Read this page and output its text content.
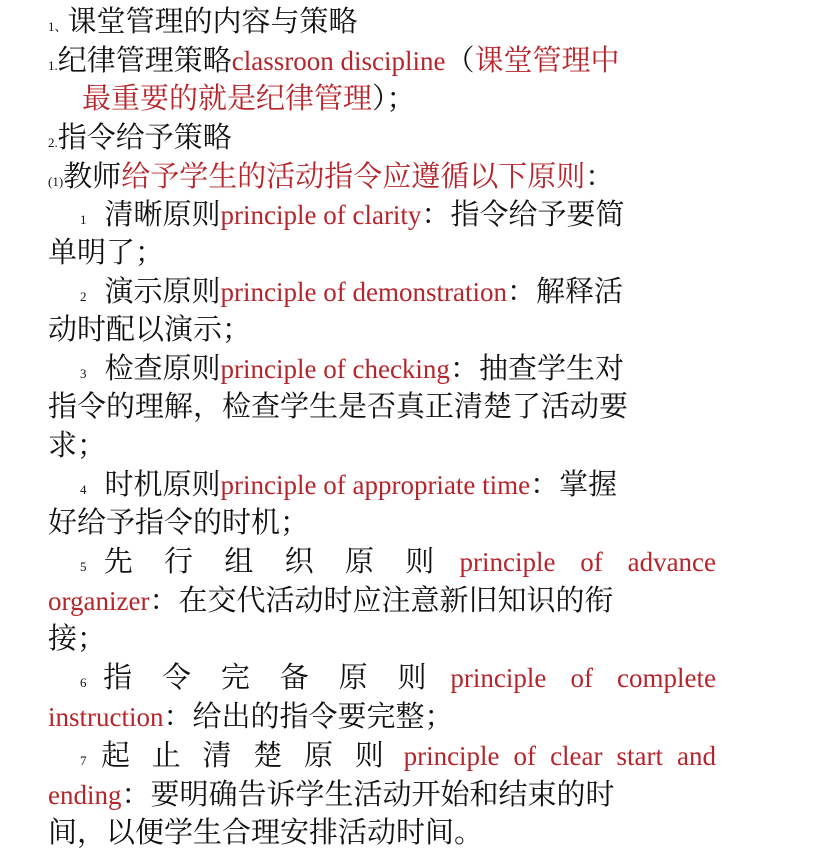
1、课堂管理的内容与策略
1.纪律管理策略classroon discipline（课堂管理中
最重要的就是纪律管理）；
2.指令给予策略
(1)教师给予学生的活动指令应遵循以下原则：
1 清晰原则principle of clarity：指令给予要简
单明了；
2 演示原则principle of demonstration：解释活
动时配以演示；
3 检查原则principle of checking：抽查学生对
指令的理解，检查学生是否真正清楚了活动要
求；
4 时机原则principle of appropriate time：掌握
好给予指令的时机；
5 先 行 组 织 原 则 principle of advance
organizer：在交代活动时应注意新旧知识的衔
接；
6 指 令 完 备 原 则 principle of complete
instruction：给出的指令要完整；
7 起 止 清 楚 原 则 principle of clear start and
ending：要明确告诉学生活动开始和结束的时
间，以便学生合理安排活动时间。
